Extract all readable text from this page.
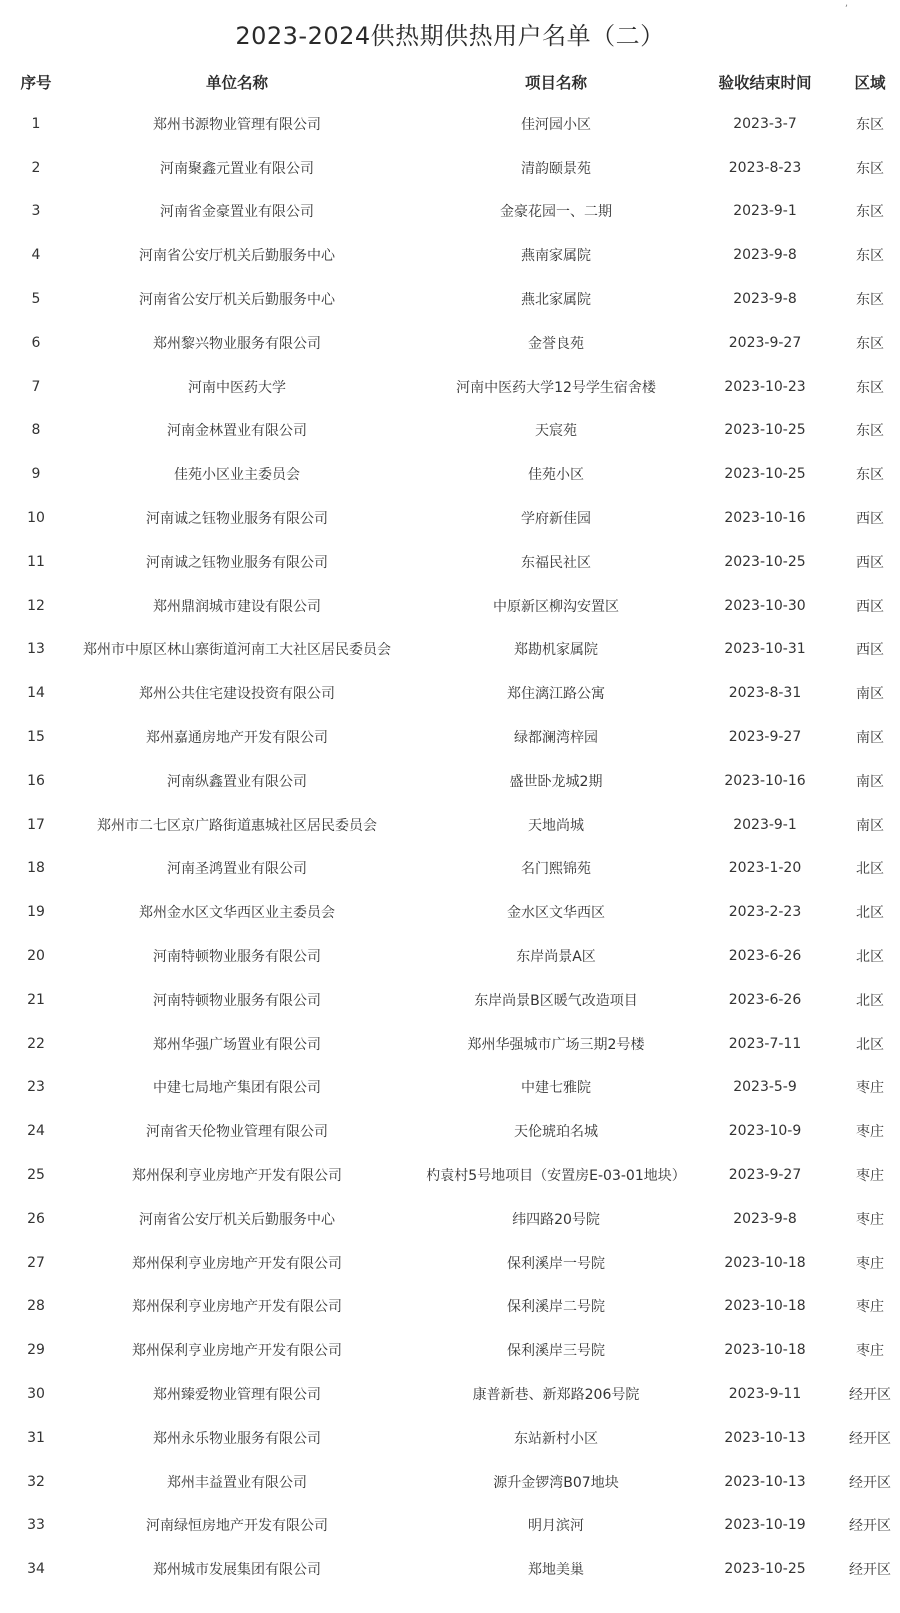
,
2023-2024供热期供热用户名单（二）
序号	单位名称	项目名称	验收结束时间	区域
1	郑州书源物业管理有限公司	佳河园小区	2023-3-7	东区
2	河南聚鑫元置业有限公司	清韵颐景苑	2023-8-23	东区
3	河南省金豪置业有限公司	金豪花园一、二期	2023-9-1	东区
4	河南省公安厅机关后勤服务中心	燕南家属院	2023-9-8	东区
5	河南省公安厅机关后勤服务中心	燕北家属院	2023-9-8	东区
6	郑州黎兴物业服务有限公司	金誉良苑	2023-9-27	东区
7	河南中医药大学	河南中医药大学12号学生宿舍楼	2023-10-23	东区
8	河南金林置业有限公司	天宸苑	2023-10-25	东区
9	佳苑小区业主委员会	佳苑小区	2023-10-25	东区
10	河南诚之钰物业服务有限公司	学府新佳园	2023-10-16	西区
11	河南诚之钰物业服务有限公司	东福民社区	2023-10-25	西区
12	郑州鼎润城市建设有限公司	中原新区柳沟安置区	2023-10-30	西区
13	郑州市中原区林山寨街道河南工大社区居民委员会	郑勘机家属院	2023-10-31	西区
14	郑州公共住宅建设投资有限公司	郑住漓江路公寓	2023-8-31	南区
15	郑州嘉通房地产开发有限公司	绿都澜湾梓园	2023-9-27	南区
16	河南纵鑫置业有限公司	盛世卧龙城2期	2023-10-16	南区
17	郑州市二七区京广路街道惠城社区居民委员会	天地尚城	2023-9-1	南区
18	河南圣鸿置业有限公司	名门熙锦苑	2023-1-20	北区
19	郑州金水区文华西区业主委员会	金水区文华西区	2023-2-23	北区
20	河南特顿物业服务有限公司	东岸尚景A区	2023-6-26	北区
21	河南特顿物业服务有限公司	东岸尚景B区暖气改造项目	2023-6-26	北区
22	郑州华强广场置业有限公司	郑州华强城市广场三期2号楼	2023-7-11	北区
23	中建七局地产集团有限公司	中建七雅院	2023-5-9	枣庄
24	河南省天伦物业管理有限公司	天伦琥珀名城	2023-10-9	枣庄
25	郑州保利亨业房地产开发有限公司	杓袁村5号地项目（安置房E-03-01地块）	2023-9-27	枣庄
26	河南省公安厅机关后勤服务中心	纬四路20号院	2023-9-8	枣庄
27	郑州保利亨业房地产开发有限公司	保利溪岸一号院	2023-10-18	枣庄
28	郑州保利亨业房地产开发有限公司	保利溪岸二号院	2023-10-18	枣庄
29	郑州保利亨业房地产开发有限公司	保利溪岸三号院	2023-10-18	枣庄
30	郑州臻爱物业管理有限公司	康普新巷、新郑路206号院	2023-9-11	经开区
31	郑州永乐物业服务有限公司	东站新村小区	2023-10-13	经开区
32	郑州丰益置业有限公司	源升金锣湾B07地块	2023-10-13	经开区
33	河南绿恒房地产开发有限公司	明月滨河	2023-10-19	经开区
34	郑州城市发展集团有限公司	郑地美巢	2023-10-25	经开区
